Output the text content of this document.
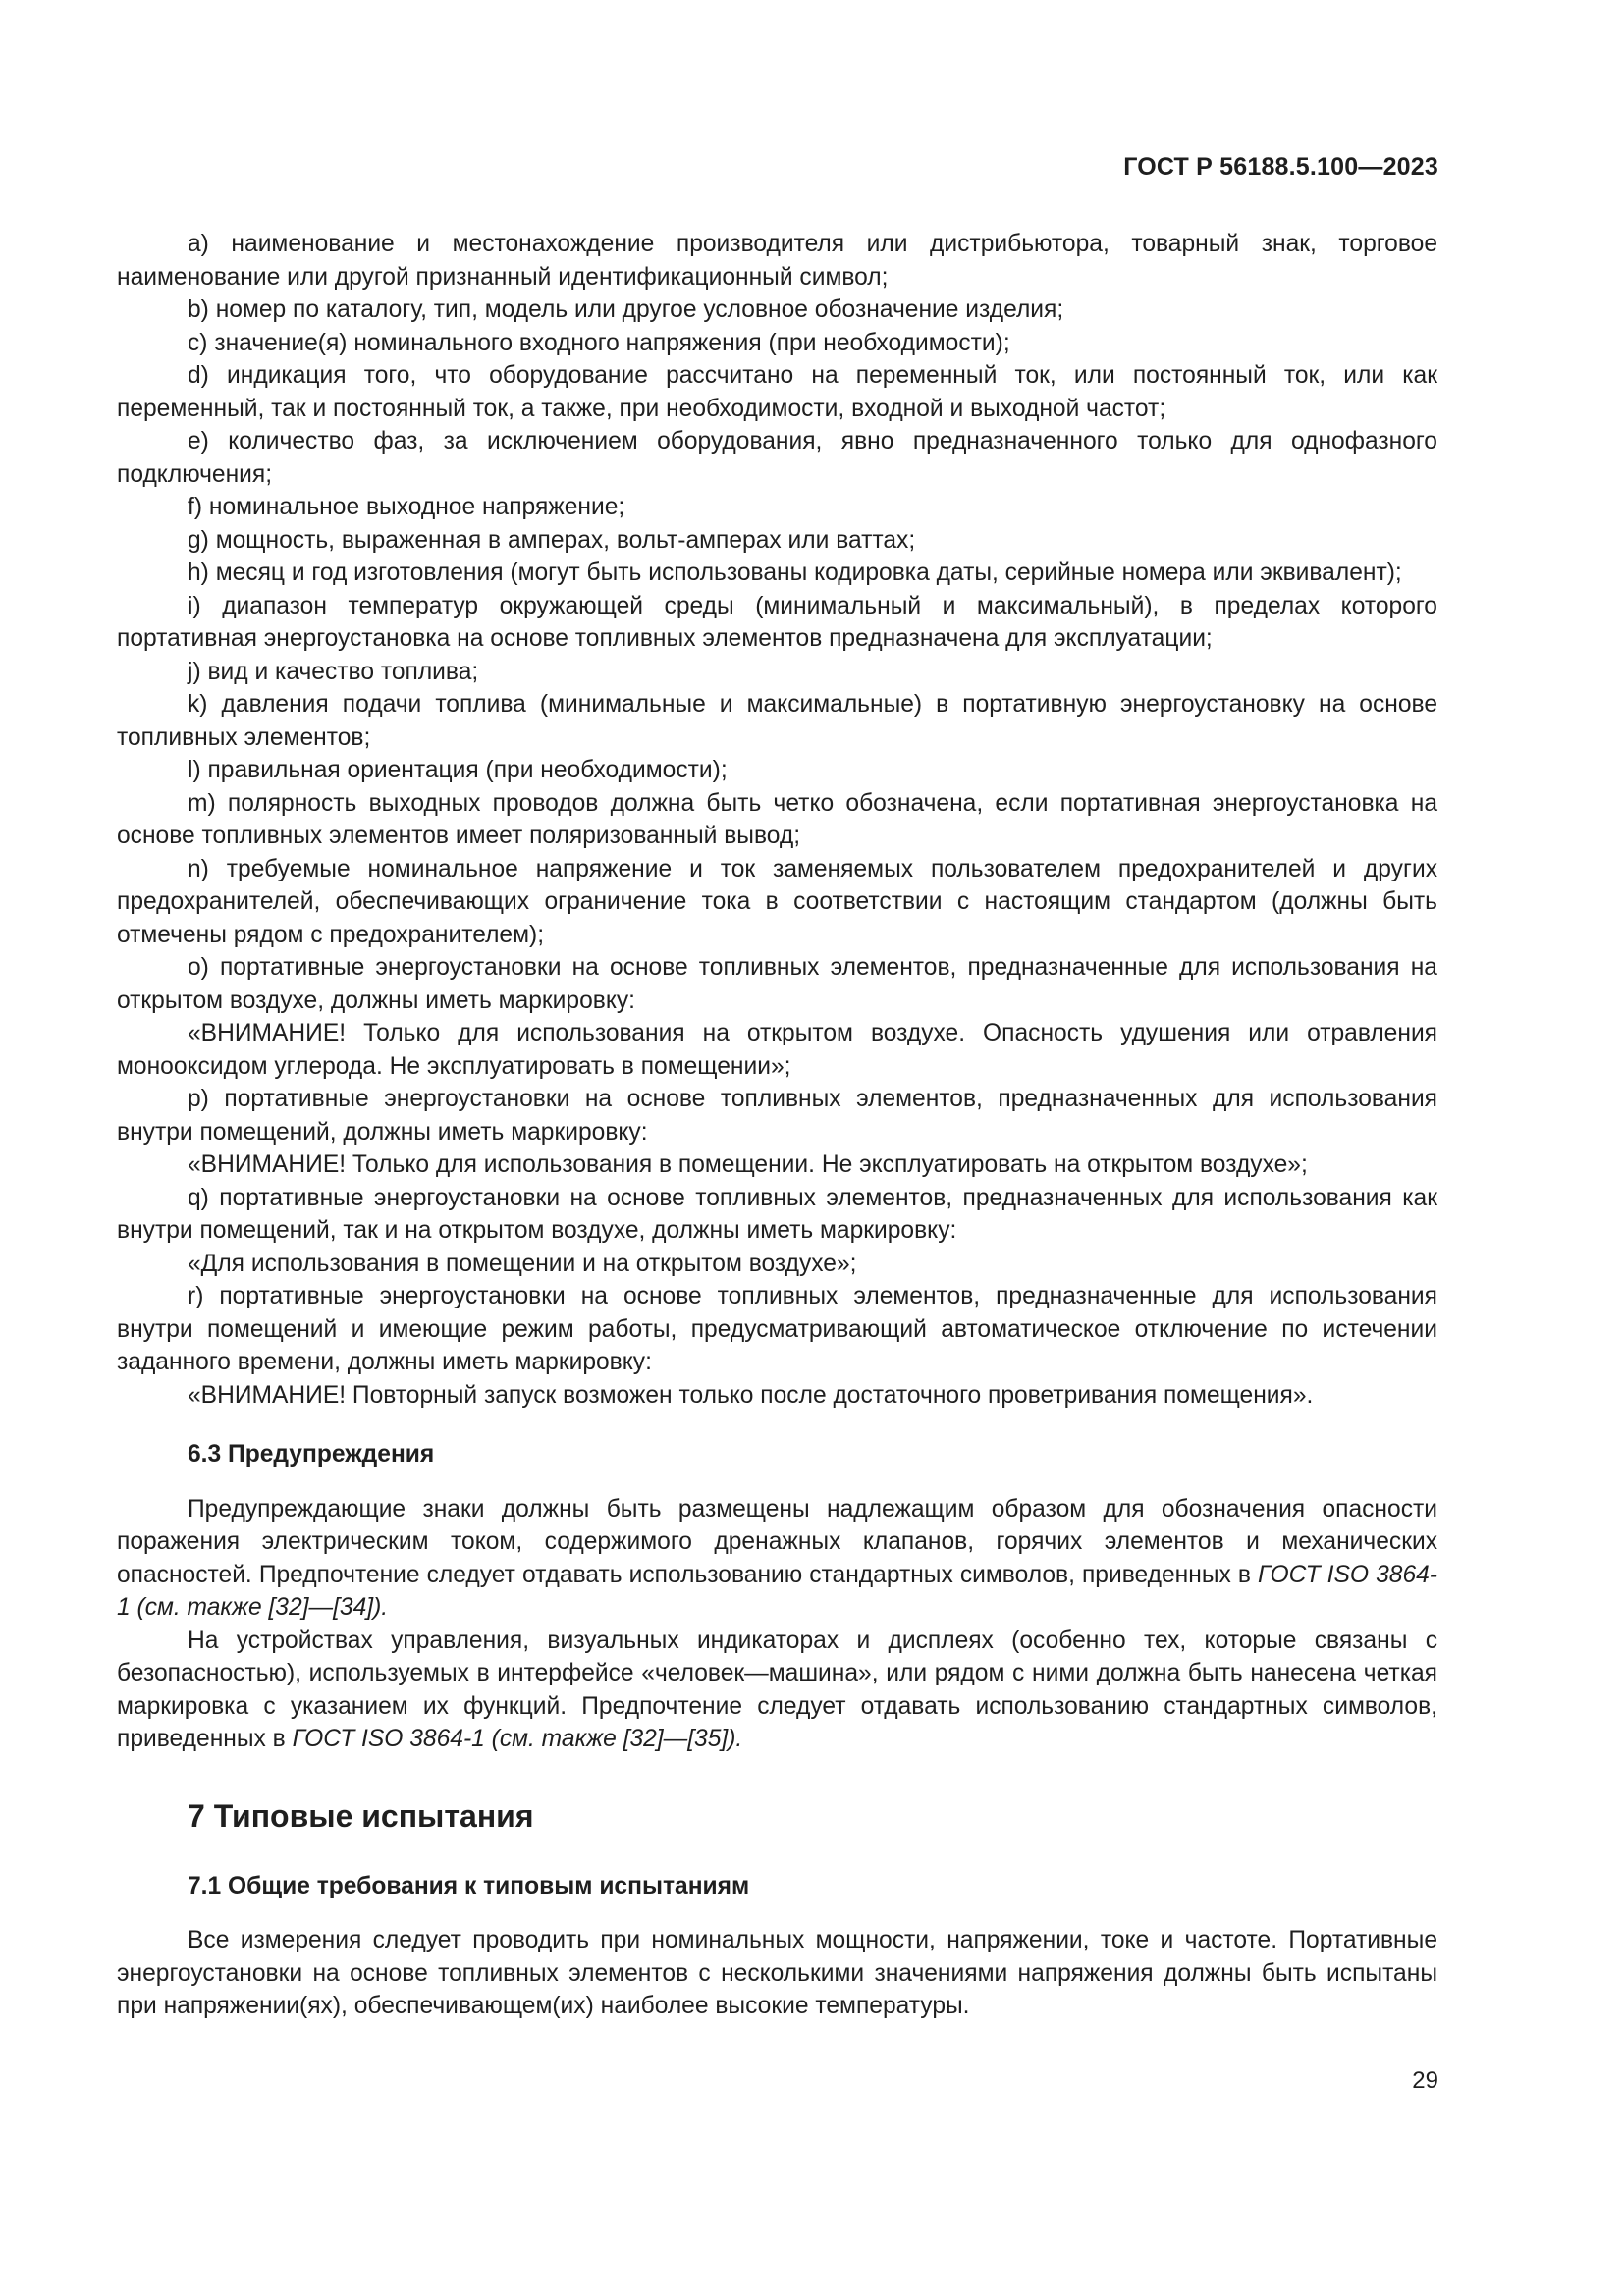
ГОСТ Р 56188.5.100—2023

a) наименование и местонахождение производителя или дистрибьютора, товарный знак, торговое наименование или другой признанный идентификационный символ;

b) номер по каталогу, тип, модель или другое условное обозначение изделия;

c) значение(я) номинального входного напряжения (при необходимости);

d) индикация того, что оборудование рассчитано на переменный ток, или постоянный ток, или как переменный, так и постоянный ток, а также, при необходимости, входной и выходной частот;

e) количество фаз, за исключением оборудования, явно предназначенного только для однофазного подключения;

f) номинальное выходное напряжение;

g) мощность, выраженная в амперах, вольт-амперах или ваттах;

h) месяц и год изготовления (могут быть использованы кодировка даты, серийные номера или эквивалент);

i) диапазон температур окружающей среды (минимальный и максимальный), в пределах которого портативная энергоустановка на основе топливных элементов предназначена для эксплуатации;

j) вид и качество топлива;

k) давления подачи топлива (минимальные и максимальные) в портативную энергоустановку на основе топливных элементов;

l) правильная ориентация (при необходимости);

m) полярность выходных проводов должна быть четко обозначена, если портативная энергоустановка на основе топливных элементов имеет поляризованный вывод;

n) требуемые номинальное напряжение и ток заменяемых пользователем предохранителей и других предохранителей, обеспечивающих ограничение тока в соответствии с настоящим стандартом (должны быть отмечены рядом с предохранителем);

o) портативные энергоустановки на основе топливных элементов, предназначенные для использования на открытом воздухе, должны иметь маркировку:

«ВНИМАНИЕ! Только для использования на открытом воздухе. Опасность удушения или отравления монооксидом углерода. Не эксплуатировать в помещении»;

p) портативные энергоустановки на основе топливных элементов, предназначенных для использования внутри помещений, должны иметь маркировку:

«ВНИМАНИЕ! Только для использования в помещении. Не эксплуатировать на открытом воздухе»;

q) портативные энергоустановки на основе топливных элементов, предназначенных для использования как внутри помещений, так и на открытом воздухе, должны иметь маркировку:

«Для использования в помещении и на открытом воздухе»;

r) портативные энергоустановки на основе топливных элементов, предназначенные для использования внутри помещений и имеющие режим работы, предусматривающий автоматическое отключение по истечении заданного времени, должны иметь маркировку:

«ВНИМАНИЕ! Повторный запуск возможен только после достаточного проветривания помещения».

6.3 Предупреждения

Предупреждающие знаки должны быть размещены надлежащим образом для обозначения опасности поражения электрическим током, содержимого дренажных клапанов, горячих элементов и механических опасностей. Предпочтение следует отдавать использованию стандартных символов, приведенных в ГОСТ ISO 3864-1 (см. также [32]—[34]).

На устройствах управления, визуальных индикаторах и дисплеях (особенно тех, которые связаны с безопасностью), используемых в интерфейсе «человек—машина», или рядом с ними должна быть нанесена четкая маркировка с указанием их функций. Предпочтение следует отдавать использованию стандартных символов, приведенных в ГОСТ ISO 3864-1 (см. также [32]—[35]).

7 Типовые испытания
7.1 Общие требования к типовым испытаниям

Все измерения следует проводить при номинальных мощности, напряжении, токе и частоте. Портативные энергоустановки на основе топливных элементов с несколькими значениями напряжения должны быть испытаны при напряжении(ях), обеспечивающем(их) наиболее высокие температуры.

29
